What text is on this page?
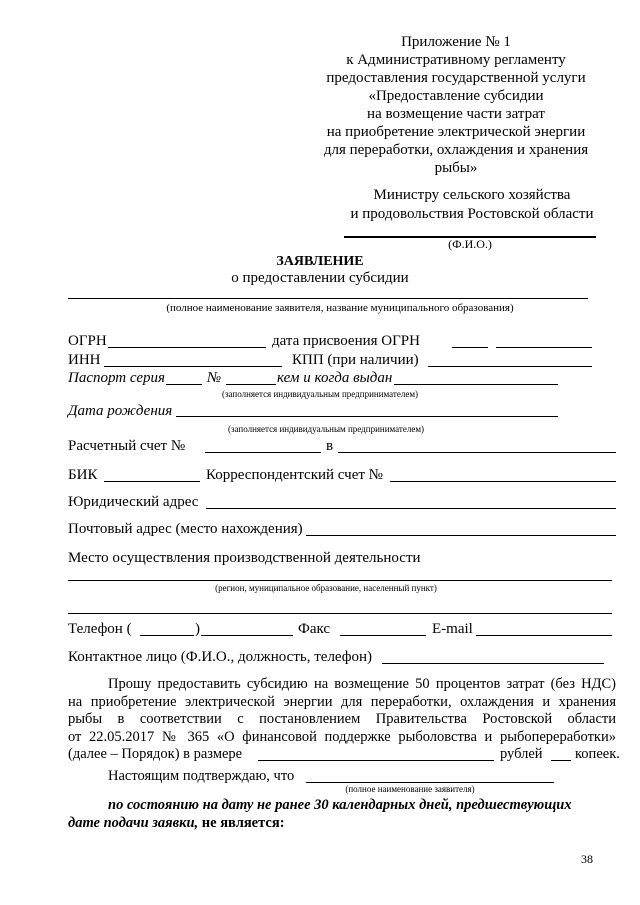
Приложение № 1
к Административному регламенту
предоставления государственной услуги
«Предоставление субсидии
на возмещение части затрат
на приобретение электрической энергии
для переработки, охлаждения и хранения
рыбы»
Министру сельского хозяйства
и продовольствия Ростовской области
(Ф.И.О.)
ЗАЯВЛЕНИЕ
о предоставлении субсидии
(полное наименование заявителя, название муниципального образования)
ОГРН	дата присвоения ОГРН
ИНН	КПП (при наличии)
Паспорт серия	№	кем и когда выдан
(заполняется индивидуальным предпринимателем)
Дата рождения
(заполняется индивидуальным предпринимателем)
Расчетный счет №	в
БИК	Корреспондентский счет №
Юридический адрес
Почтовый адрес (место нахождения)
Место осуществления производственной деятельности
(регион, муниципальное образование, населенный пункт)
Телефон (	)	Факс	E-mail
Контактное лицо (Ф.И.О., должность, телефон)
Прошу предоставить субсидию на возмещение 50 процентов затрат (без НДС)
на приобретение электрической энергии для переработки, охлаждения и хранения
рыбы в соответствии с постановлением Правительства Ростовской области
от 22.05.2017 № 365 «О финансовой поддержке рыболовства и рыбопереработки»
(далее – Порядок) в размере	рублей копеек.
Настоящим подтверждаю, что
(полное наименование заявителя)
по состоянию на дату не ранее 30 календарных дней, предшествующих
дате подачи заявки, не является:
38
